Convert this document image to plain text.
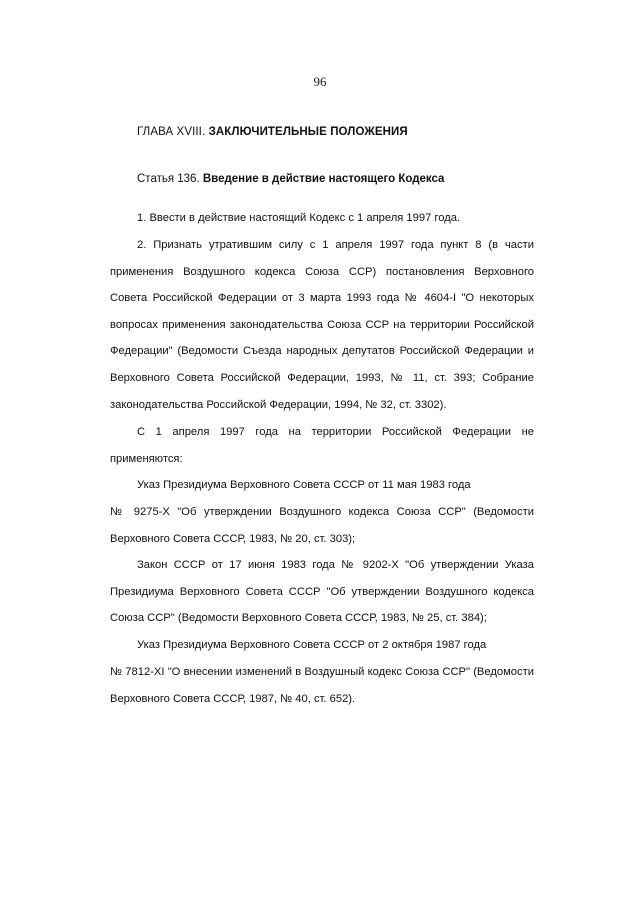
96
ГЛАВА XVIII. ЗАКЛЮЧИТЕЛЬНЫЕ ПОЛОЖЕНИЯ
Статья 136. Введение в действие настоящего Кодекса
1. Ввести в действие настоящий Кодекс с 1 апреля 1997 года.
2. Признать утратившим силу с 1 апреля 1997 года пункт 8 (в части применения Воздушного кодекса Союза ССР) постановления Верховного Совета Российской Федерации от 3 марта 1993 года № 4604-I "О некоторых вопросах применения законодательства Союза ССР на территории Российской Федерации" (Ведомости Съезда народных депутатов Российской Федерации и Верховного Совета Российской Федерации, 1993, № 11, ст. 393; Собрание законодательства Российской Федерации, 1994, № 32, ст. 3302).
С 1 апреля 1997 года на территории Российской Федерации не применяются:
Указ Президиума Верховного Совета СССР от 11 мая 1983 года
№ 9275-X "Об утверждении Воздушного кодекса Союза ССР" (Ведомости Верховного Совета СССР, 1983, № 20, ст. 303);
Закон СССР от 17 июня 1983 года № 9202-X "Об утверждении Указа Президиума Верховного Совета СССР "Об утверждении Воздушного кодекса Союза ССР" (Ведомости Верховного Совета СССР, 1983, № 25, ст. 384);
Указ Президиума Верховного Совета СССР от 2 октября 1987 года
№ 7812-XI "О внесении изменений в Воздушный кодекс Союза ССР" (Ведомости Верховного Совета СССР, 1987, № 40, ст. 652).
